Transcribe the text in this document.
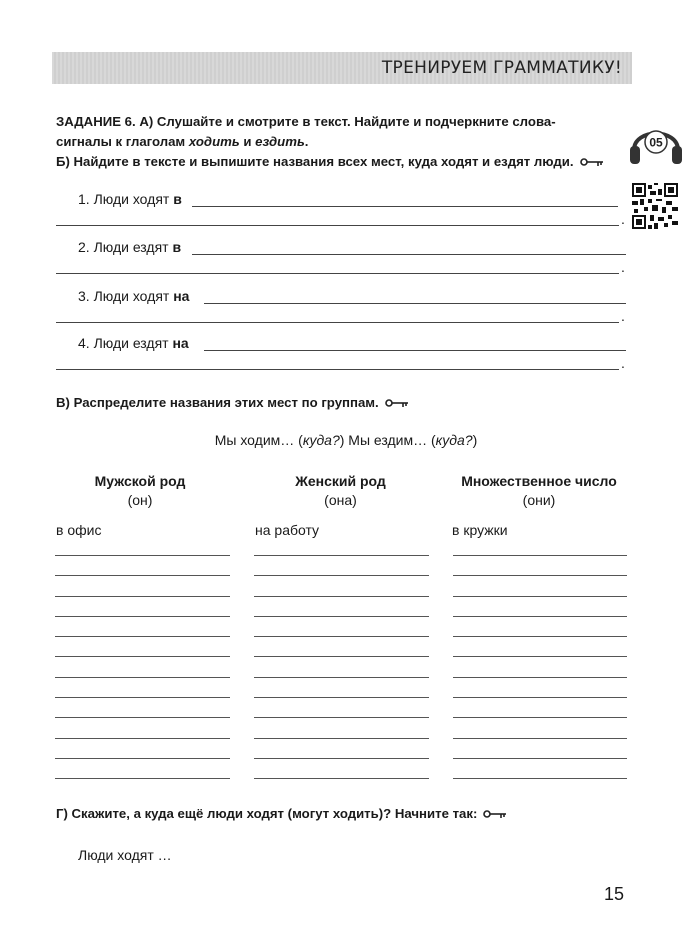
ТРЕНИРУЕМ ГРАММАТИКУ!
ЗАДАНИЕ 6. А) Слушайте и смотрите в текст. Найдите и подчеркните слова-
сигналы к глаголам ходить и ездить.
Б) Найдите в тексте и выпишите названия всех мест, куда ходят и ездят люди.
05
1. Люди ходят в
.
2. Люди ездят в
.
3. Люди ходят на
.
4. Люди ездят на
.
В) Распределите названия этих мест по группам.
Мы ходим… (куда?) Мы ездим… (куда?)
Мужской род
(он)
Женский род
(она)
Множественное число
(они)
в офис	на работу	в кружки
Г) Скажите, а куда ещё люди ходят (могут ходить)? Начните так:
Люди ходят …
15
